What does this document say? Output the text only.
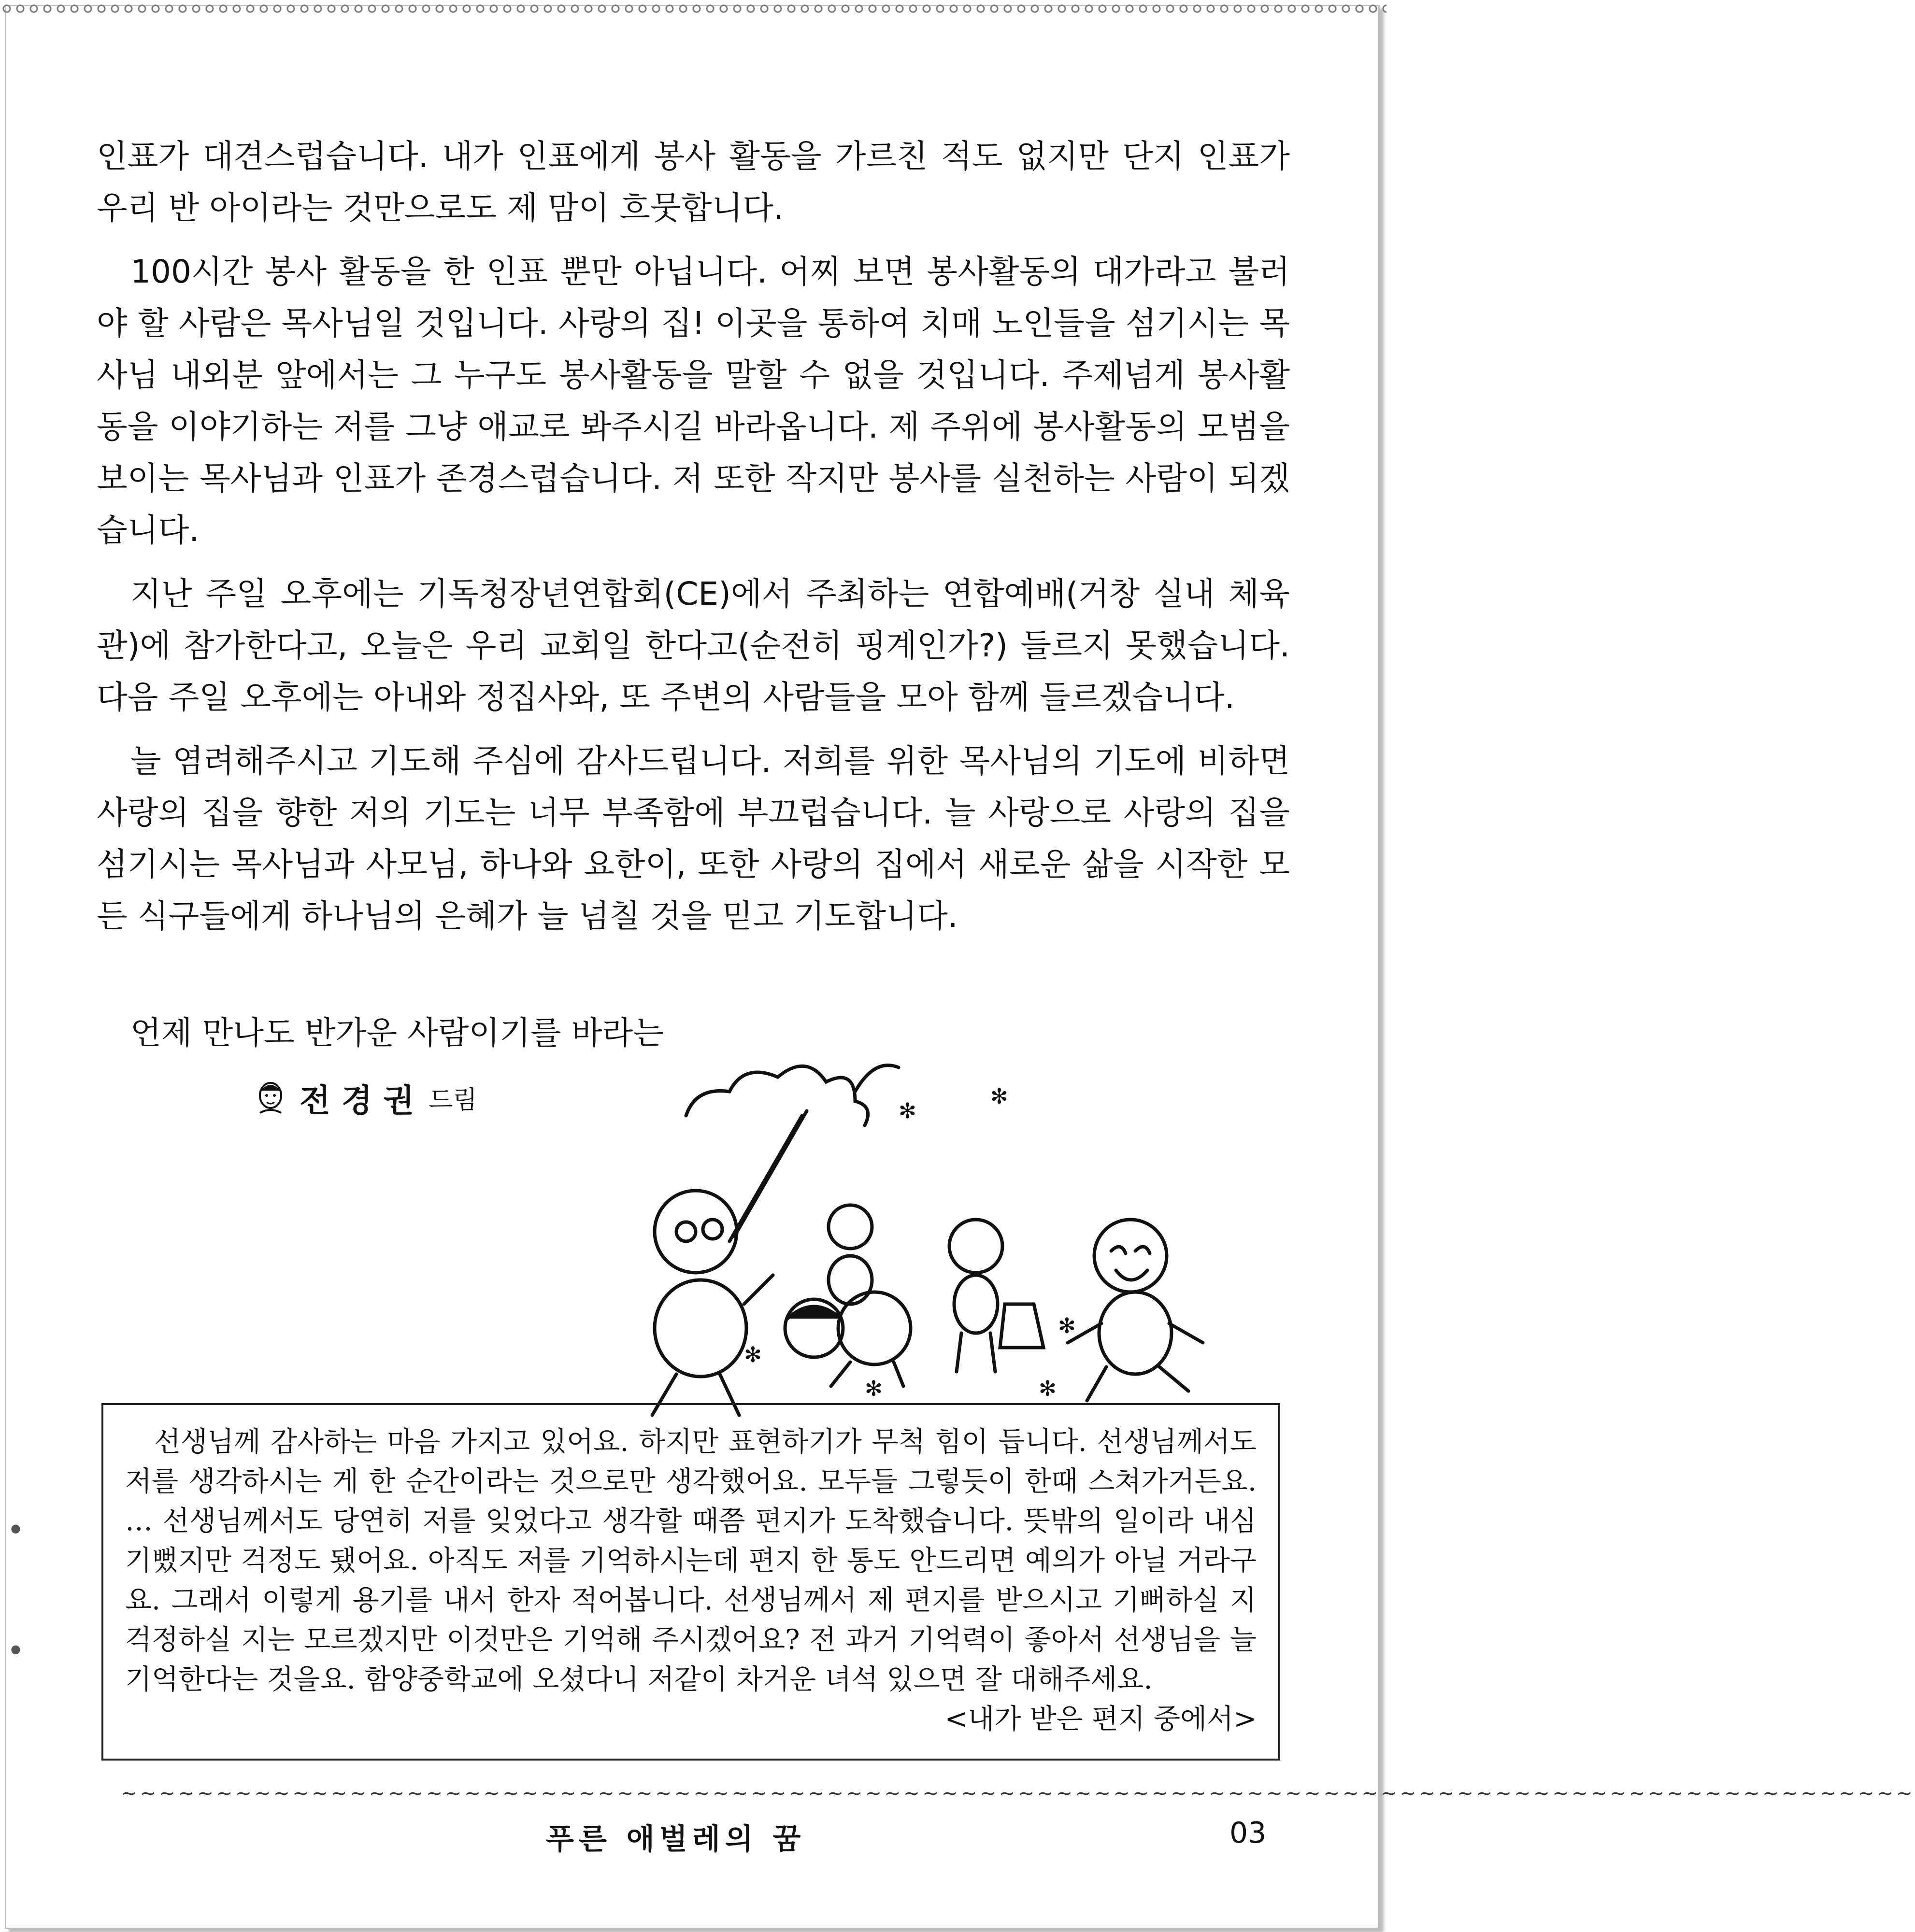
●
●

인표가 대견스럽습니다. 내가 인표에게 봉사 활동을 가르친 적도 없지만 단지 인표가 우리 반 아이라는 것만으로도 제 맘이 흐뭇합니다.

100시간 봉사 활동을 한 인표 뿐만 아닙니다. 어찌 보면 봉사활동의 대가라고 불러야 할 사람은 목사님일 것입니다. 사랑의 집! 이곳을 통하여 치매 노인들을 섬기시는 목사님 내외분 앞에서는 그 누구도 봉사활동을 말할 수 없을 것입니다. 주제넘게 봉사활동을 이야기하는 저를 그냥 애교로 봐주시길 바라옵니다. 제 주위에 봉사활동의 모범을 보이는 목사님과 인표가 존경스럽습니다. 저 또한 작지만 봉사를 실천하는 사람이 되겠습니다.

지난 주일 오후에는 기독청장년연합회(CE)에서 주최하는 연합예배(거창 실내 체육관)에 참가한다고, 오늘은 우리 교회일 한다고(순전히 핑계인가?) 들르지 못했습니다. 다음 주일 오후에는 아내와 정집사와, 또 주변의 사람들을 모아 함께 들르겠습니다.

늘 염려해주시고 기도해 주심에 감사드립니다. 저희를 위한 목사님의 기도에 비하면 사랑의 집을 향한 저의 기도는 너무 부족함에 부끄럽습니다. 늘 사랑으로 사랑의 집을 섬기시는 목사님과 사모님, 하나와 요한이, 또한 사랑의 집에서 새로운 삶을 시작한 모든 식구들에게 하나님의 은혜가 늘 넘칠 것을 믿고 기도합니다.

언제 만나도 반가운 사람이기를 바라는
전 경 권 드림	✻
✻
✻
✻	✻
✻
선생님께 감사하는 마음 가지고 있어요. 하지만 표현하기가 무척 힘이 듭니다. 선생님께서도 저를 생각하시는 게 한 순간이라는 것으로만 생각했어요. 모두들 그렇듯이 한때 스쳐가거든요. … 선생님께서도 당연히 저를 잊었다고 생각할 때쯤 편지가 도착했습니다. 뜻밖의 일이라 내심 기뻤지만 걱정도 됐어요. 아직도 저를 기억하시는데 편지 한 통도 안드리면 예의가 아닐 거라구요. 그래서 이렇게 용기를 내서 한자 적어봅니다. 선생님께서 제 편지를 받으시고 기뻐하실 지 걱정하실 지는 모르겠지만 이것만은 기억해 주시겠어요? 전 과거 기억력이 좋아서 선생님을 늘 기억한다는 것을요. 함양중학교에 오셨다니 저같이 차거운 녀석 있으면 잘 대해주세요.
<내가 받은 편지 중에서>
~~~~~~~~~~~~~~~~~~~~~~~~~~~~~~~~~~~~~~~~~~~~~~~~~~~~~~~~~~~~~~~~~~~~~~~~~~~~~~~~~~~~~~~~~~~~~~
푸른 애벌레의 꿈	03
